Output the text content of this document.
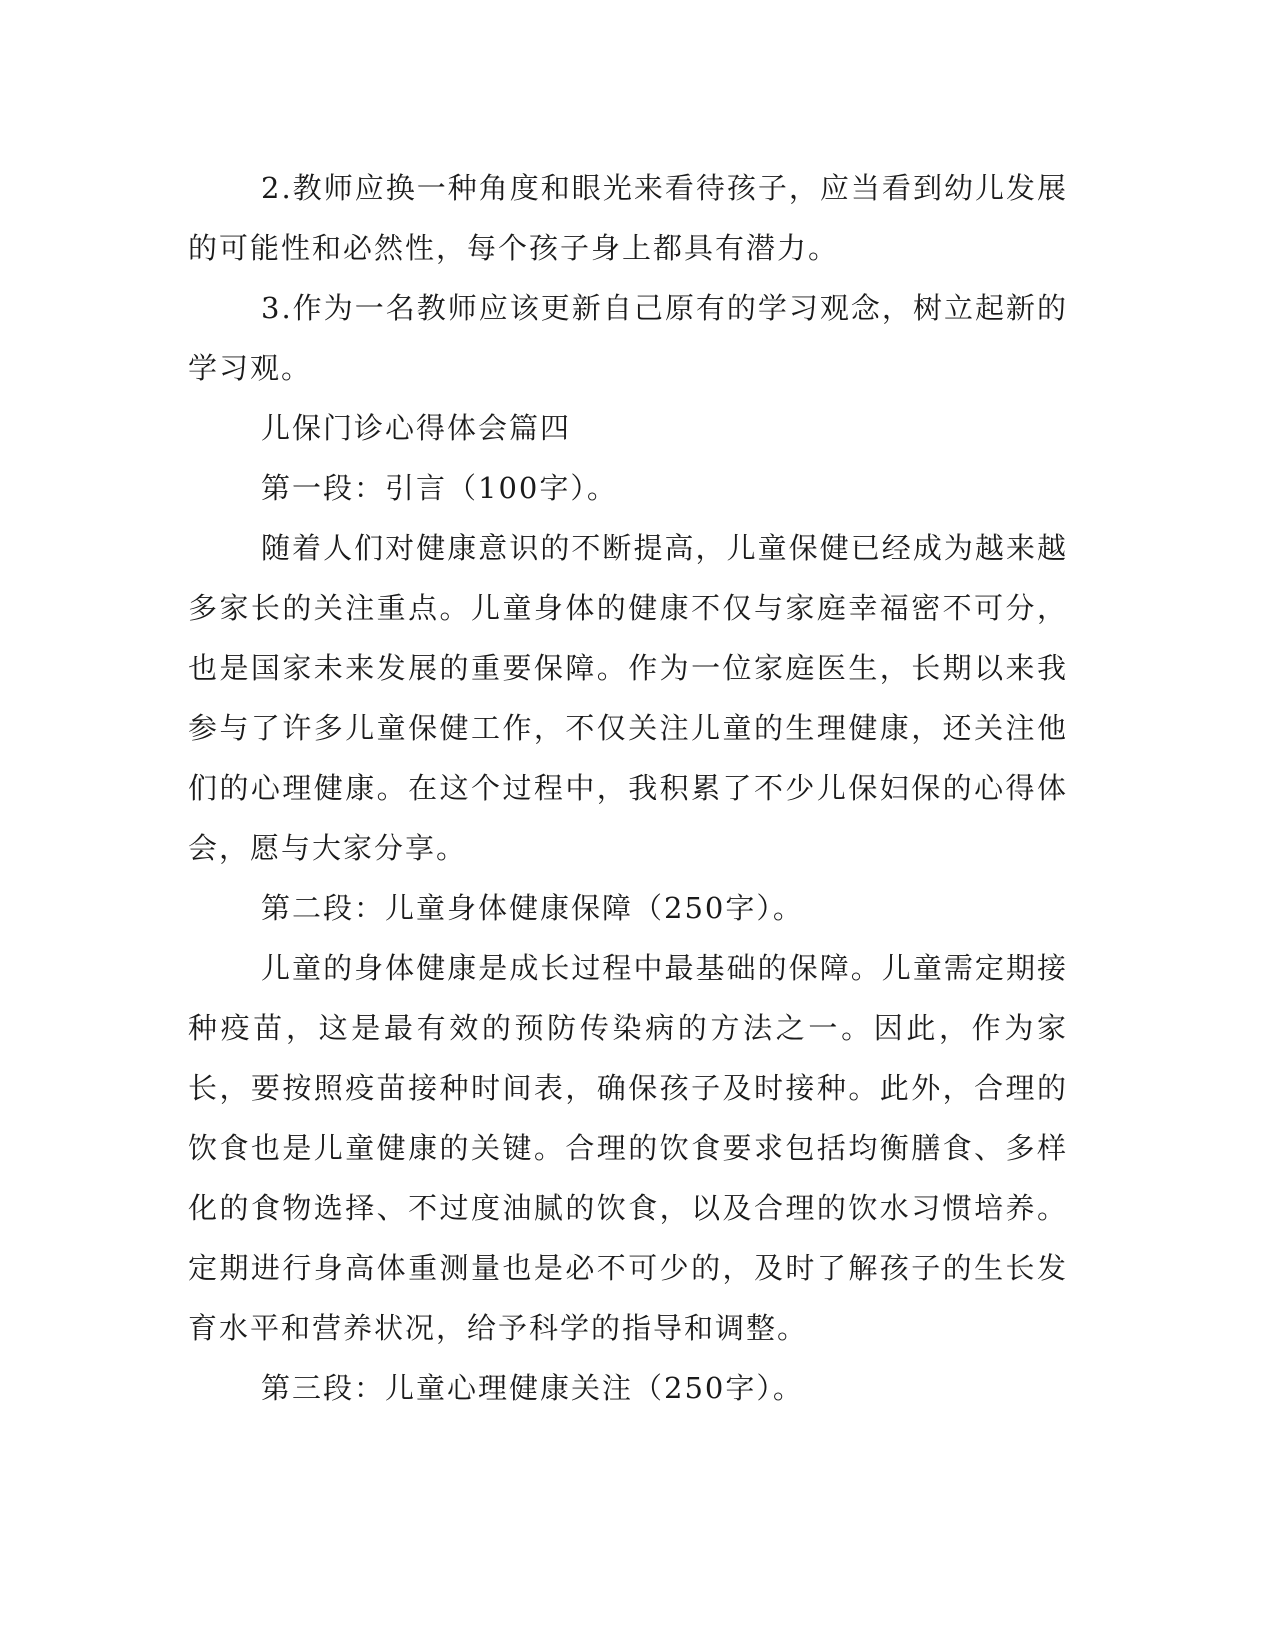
2.教师应换一种角度和眼光来看待孩子，应当看到幼儿发展的可能性和必然性，每个孩子身上都具有潜力。

3.作为一名教师应该更新自己原有的学习观念，树立起新的学习观。

儿保门诊心得体会篇四

第一段：引言（100字）。

随着人们对健康意识的不断提高，儿童保健已经成为越来越多家长的关注重点。儿童身体的健康不仅与家庭幸福密不可分，也是国家未来发展的重要保障。作为一位家庭医生，长期以来我参与了许多儿童保健工作，不仅关注儿童的生理健康，还关注他们的心理健康。在这个过程中，我积累了不少儿保妇保的心得体会，愿与大家分享。

第二段：儿童身体健康保障（250字）。

儿童的身体健康是成长过程中最基础的保障。儿童需定期接种疫苗，这是最有效的预防传染病的方法之一。因此，作为家长，要按照疫苗接种时间表，确保孩子及时接种。此外，合理的饮食也是儿童健康的关键。合理的饮食要求包括均衡膳食、多样化的食物选择、不过度油腻的饮食，以及合理的饮水习惯培养。定期进行身高体重测量也是必不可少的，及时了解孩子的生长发育水平和营养状况，给予科学的指导和调整。

第三段：儿童心理健康关注（250字）。
